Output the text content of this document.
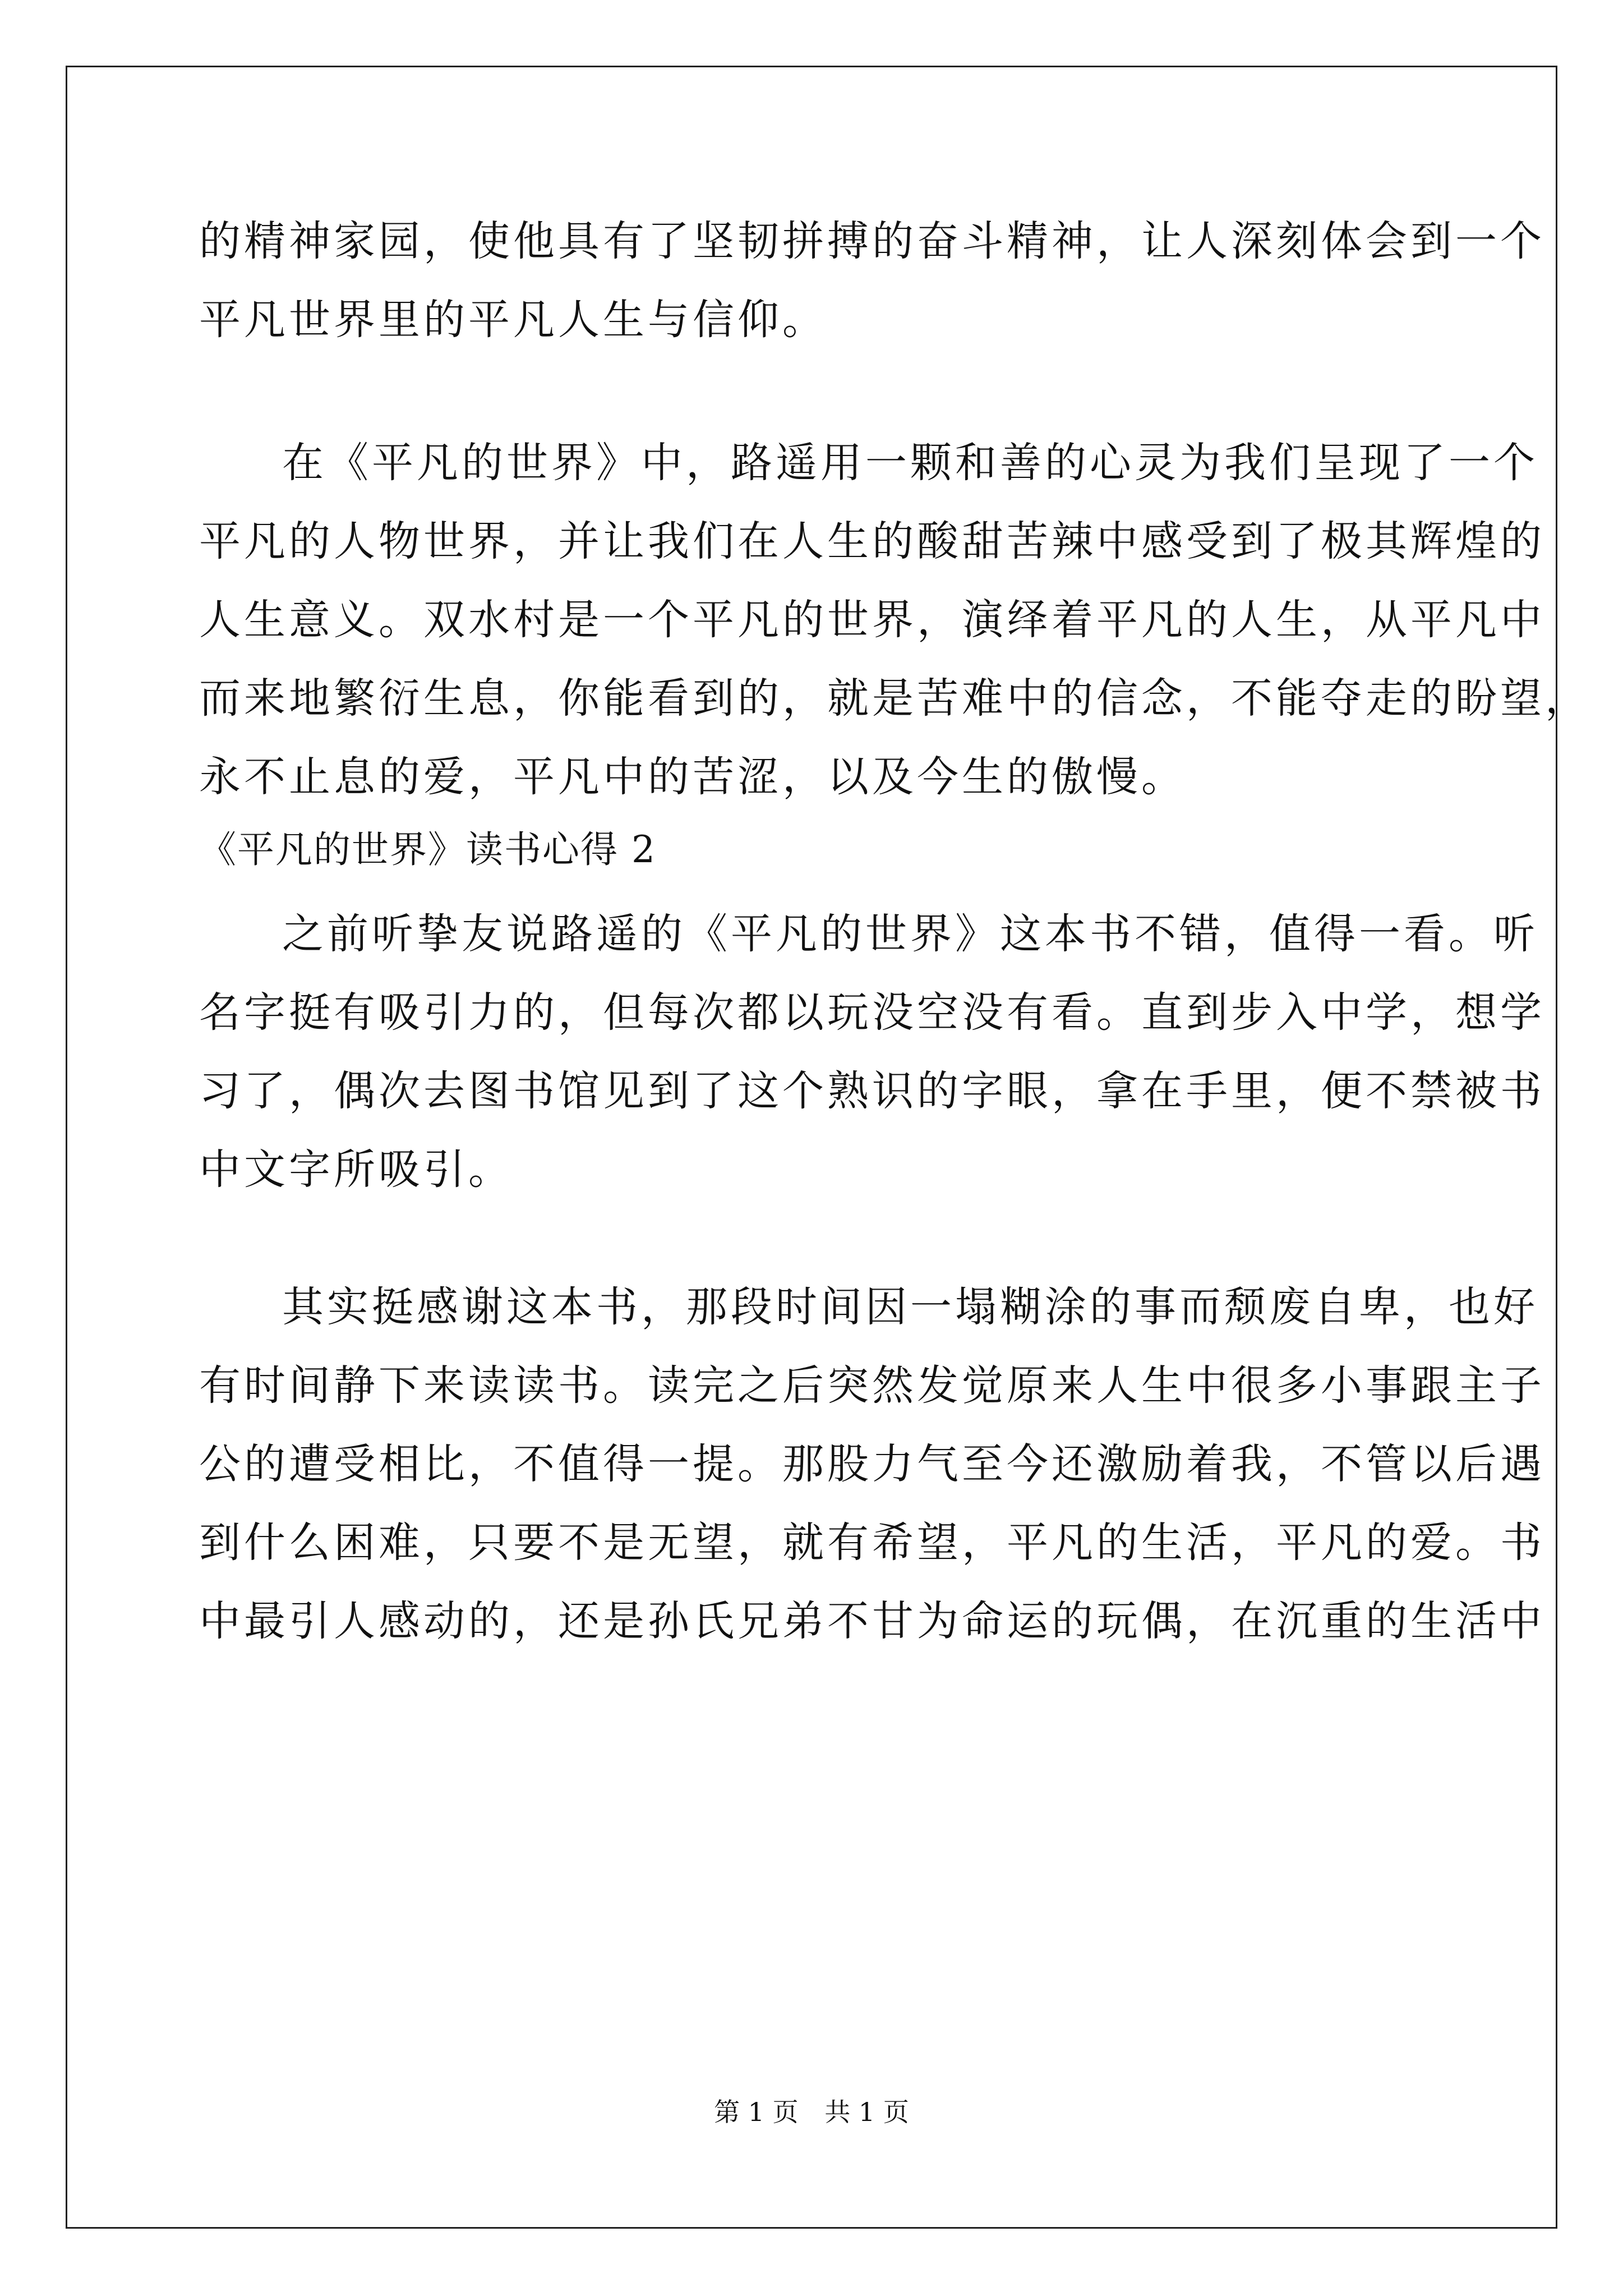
的精神家园，使他具有了坚韧拼搏的奋斗精神，让人深刻体会到一个
平凡世界里的平凡人生与信仰。
在《平凡的世界》中，路遥用一颗和善的心灵为我们呈现了一个
平凡的人物世界，并让我们在人生的酸甜苦辣中感受到了极其辉煌的
人生意义。双水村是一个平凡的世界，演绎着平凡的人生，从平凡中
而来地繁衍生息，你能看到的，就是苦难中的信念，不能夺走的盼望，
永不止息的爱，平凡中的苦涩，以及今生的傲慢。
《平凡的世界》读书心得 2
之前听挚友说路遥的《平凡的世界》这本书不错，值得一看。听
名字挺有吸引力的，但每次都以玩没空没有看。直到步入中学，想学
习了，偶次去图书馆见到了这个熟识的字眼，拿在手里，便不禁被书
中文字所吸引。
其实挺感谢这本书，那段时间因一塌糊涂的事而颓废自卑，也好
有时间静下来读读书。读完之后突然发觉原来人生中很多小事跟主子
公的遭受相比，不值得一提。那股力气至今还激励着我，不管以后遇
到什么困难，只要不是无望，就有希望，平凡的生活，平凡的爱。书
中最引人感动的，还是孙氏兄弟不甘为命运的玩偶，在沉重的生活中
第 1 页 共 1 页
